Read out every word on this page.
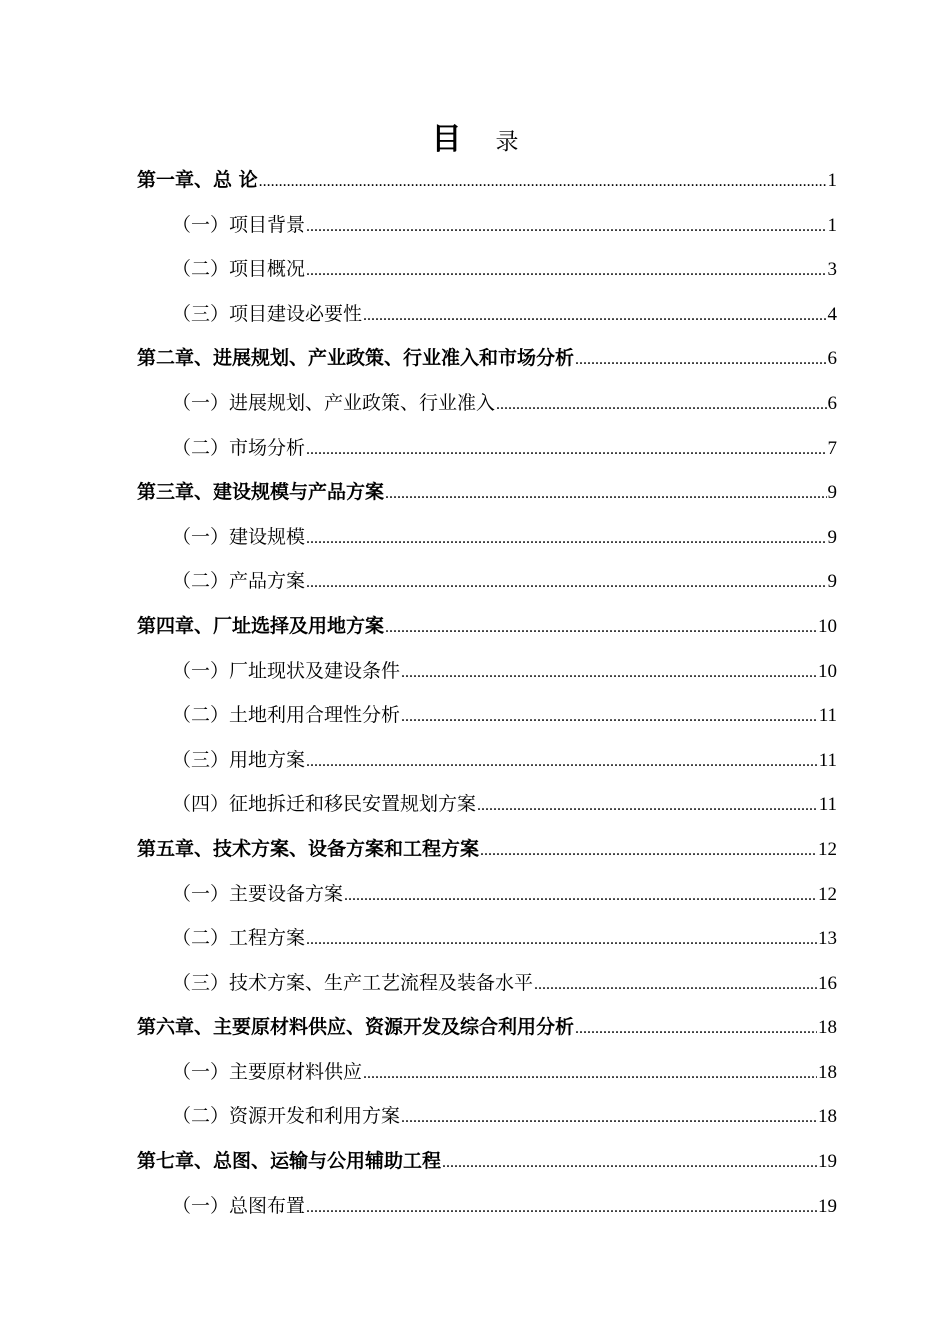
目 录
第一章、总 论 .....	1
（一）项目背景 .....	1
（二）项目概况 .....	3
（三）项目建设必要性 .....	4
第二章、进展规划、产业政策、行业准入和市场分析 .....	6
（一）进展规划、产业政策、行业准入 .....	6
（二）市场分析 .....	7
第三章、建设规模与产品方案 .....	9
（一）建设规模 .....	9
（二）产品方案 .....	9
第四章、厂址选择及用地方案 .....	10
（一）厂址现状及建设条件 .....	10
（二）土地利用合理性分析 .....	11
（三）用地方案 .....	11
（四）征地拆迁和移民安置规划方案 .....	11
第五章、技术方案、设备方案和工程方案 .....	12
（一）主要设备方案 .....	12
（二）工程方案 .....	13
（三）技术方案、生产工艺流程及装备水平 .....	16
第六章、主要原材料供应、资源开发及综合利用分析 .....	18
（一）主要原材料供应 .....	18
（二）资源开发和利用方案 .....	18
第七章、总图、运输与公用辅助工程 .....	19
（一）总图布置 .....	19
